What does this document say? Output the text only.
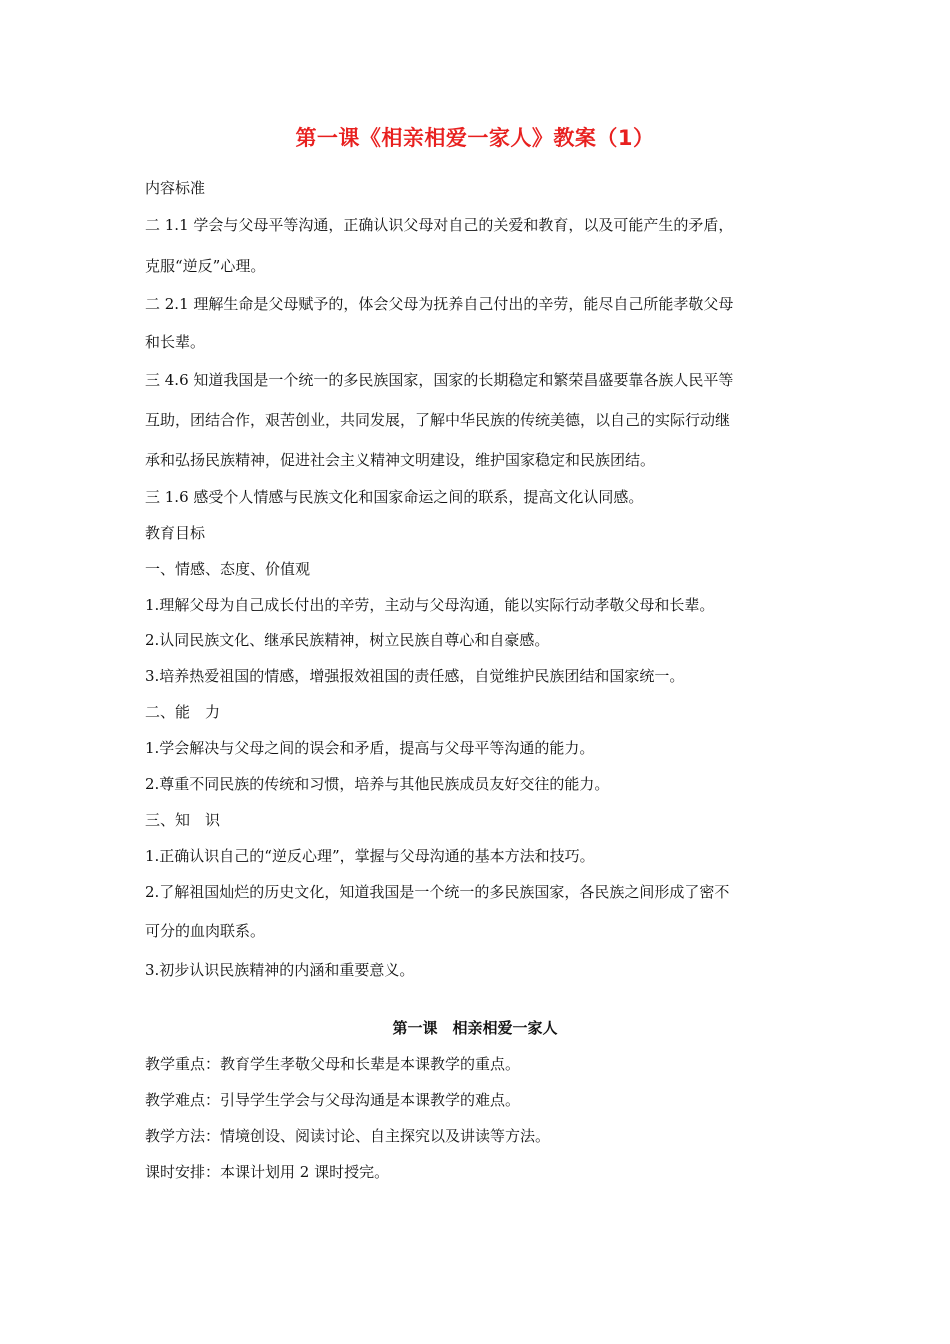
第一课《相亲相爱一家人》教案（1）
内容标准
二 1.1 学会与父母平等沟通，正确认识父母对自己的关爱和教育，以及可能产生的矛盾，
克服“逆反”心理。
二 2.1 理解生命是父母赋予的，体会父母为抚养自己付出的辛劳，能尽自己所能孝敬父母
和长辈。
三 4.6 知道我国是一个统一的多民族国家，国家的长期稳定和繁荣昌盛要靠各族人民平等
互助，团结合作，艰苦创业，共同发展，了解中华民族的传统美德，以自己的实际行动继
承和弘扬民族精神，促进社会主义精神文明建设，维护国家稳定和民族团结。
三 1.6 感受个人情感与民族文化和国家命运之间的联系，提高文化认同感。
教育目标
一、情感、态度、价值观
1.理解父母为自己成长付出的辛劳，主动与父母沟通，能以实际行动孝敬父母和长辈。
2.认同民族文化、继承民族精神，树立民族自尊心和自豪感。
3.培养热爱祖国的情感，增强报效祖国的责任感，自觉维护民族团结和国家统一。
二、能　力
1.学会解决与父母之间的误会和矛盾，提高与父母平等沟通的能力。
2.尊重不同民族的传统和习惯，培养与其他民族成员友好交往的能力。
三、知　识
1.正确认识自己的“逆反心理”，掌握与父母沟通的基本方法和技巧。
2.了解祖国灿烂的历史文化，知道我国是一个统一的多民族国家，各民族之间形成了密不
可分的血肉联系。
3.初步认识民族精神的内涵和重要意义。
第一课　相亲相爱一家人
教学重点：教育学生孝敬父母和长辈是本课教学的重点。
教学难点：引导学生学会与父母沟通是本课教学的难点。
教学方法：情境创设、阅读讨论、自主探究以及讲读等方法。
课时安排：本课计划用 2 课时授完。
